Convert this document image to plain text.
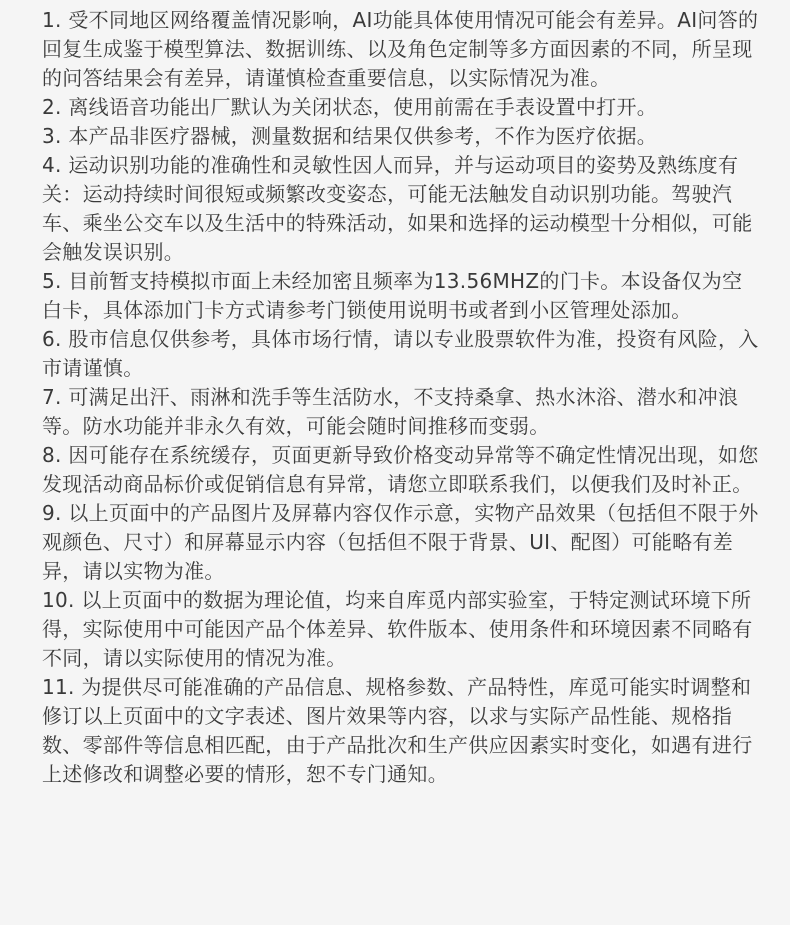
1. 受不同地区网络覆盖情况影响，AI功能具体使用情况可能会有差异。AI问答的回复生成鉴于模型算法、数据训练、以及角色定制等多方面因素的不同，所呈现的问答结果会有差异，请谨慎检查重要信息，以实际情况为准。
2. 离线语音功能出厂默认为关闭状态，使用前需在手表设置中打开。
3. 本产品非医疗器械，测量数据和结果仅供参考，不作为医疗依据。
4. 运动识别功能的准确性和灵敏性因人而异，并与运动项目的姿势及熟练度有关：运动持续时间很短或频繁改变姿态，可能无法触发自动识别功能。驾驶汽车、乘坐公交车以及生活中的特殊活动，如果和选择的运动模型十分相似，可能会触发误识别。
5. 目前暂支持模拟市面上未经加密且频率为13.56MHZ的门卡。本设备仅为空白卡，具体添加门卡方式请参考门锁使用说明书或者到小区管理处添加。
6. 股市信息仅供参考，具体市场行情，请以专业股票软件为准，投资有风险，入市请谨慎。
7. 可满足出汗、雨淋和洗手等生活防水，不支持桑拿、热水沐浴、潜水和冲浪等。防水功能并非永久有效，可能会随时间推移而变弱。
8. 因可能存在系统缓存，页面更新导致价格变动异常等不确定性情况出现，如您发现活动商品标价或促销信息有异常，请您立即联系我们，以便我们及时补正。
9. 以上页面中的产品图片及屏幕内容仅作示意，实物产品效果（包括但不限于外观颜色、尺寸）和屏幕显示内容（包括但不限于背景、UI、配图）可能略有差异，请以实物为准。
10. 以上页面中的数据为理论值，均来自库觅内部实验室，于特定测试环境下所得，实际使用中可能因产品个体差异、软件版本、使用条件和环境因素不同略有不同，请以实际使用的情况为准。
11. 为提供尽可能准确的产品信息、规格参数、产品特性，库觅可能实时调整和修订以上页面中的文字表述、图片效果等内容，以求与实际产品性能、规格指数、零部件等信息相匹配，由于产品批次和生产供应因素实时变化，如遇有进行上述修改和调整必要的情形，恕不专门通知。
